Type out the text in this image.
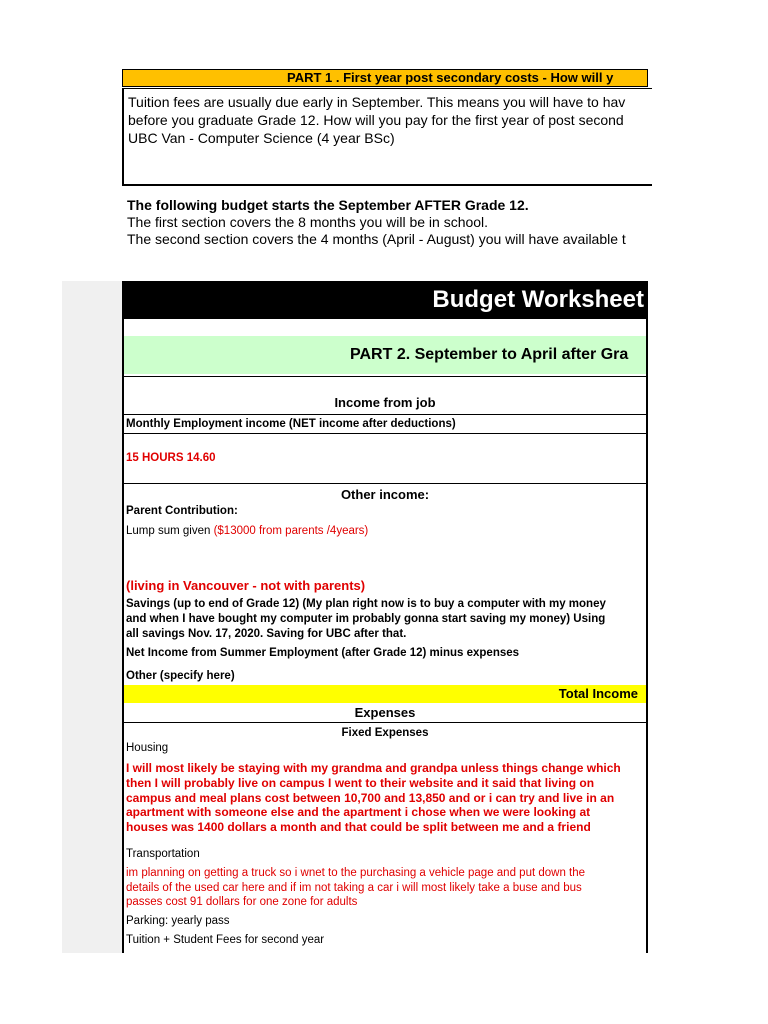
PART 1 . First year post secondary costs - How will y
Tuition fees are usually due early in September. This means you will have to hav
before you graduate Grade 12. How will you pay for the first year of post second
UBC Van - Computer Science (4 year BSc)
The following budget starts the September AFTER Grade 12.
The first section covers the 8 months you will be in school.
The second section covers the 4 months (April - August) you will have available t
Budget Worksheet
PART 2. September to April after Gra
Income from job
Monthly Employment income (NET income after deductions)
15 HOURS 14.60
Other income:
Parent Contribution:
Lump sum given ($13000 from parents /4years)
(living in Vancouver - not with parents)
Savings (up to end of Grade 12) (My plan right now is to buy a computer with my money
and when I have bought my computer im probably gonna start saving my money) Using
all savings Nov. 17, 2020. Saving for UBC after that.
Net Income from Summer Employment (after Grade 12) minus expenses
Other (specify here)
Total Income
Expenses
Fixed Expenses
Housing
I will most likely be staying with my grandma and grandpa unless things change which
then I will probably live on campus I went to their website and it said that living on
campus and meal plans cost between 10,700 and 13,850 and or i can try and live in an
apartment with someone else and the apartment i chose when we were looking at
houses was 1400 dollars a month and that could be split between me and a friend
Transportation
im planning on getting a truck so i wnet to the purchasing a vehicle page and put down the
details of the used car here and if im not taking a car i will most likely take a buse and bus
passes cost 91 dollars for one zone for adults
Parking: yearly pass
Tuition + Student Fees for second year
